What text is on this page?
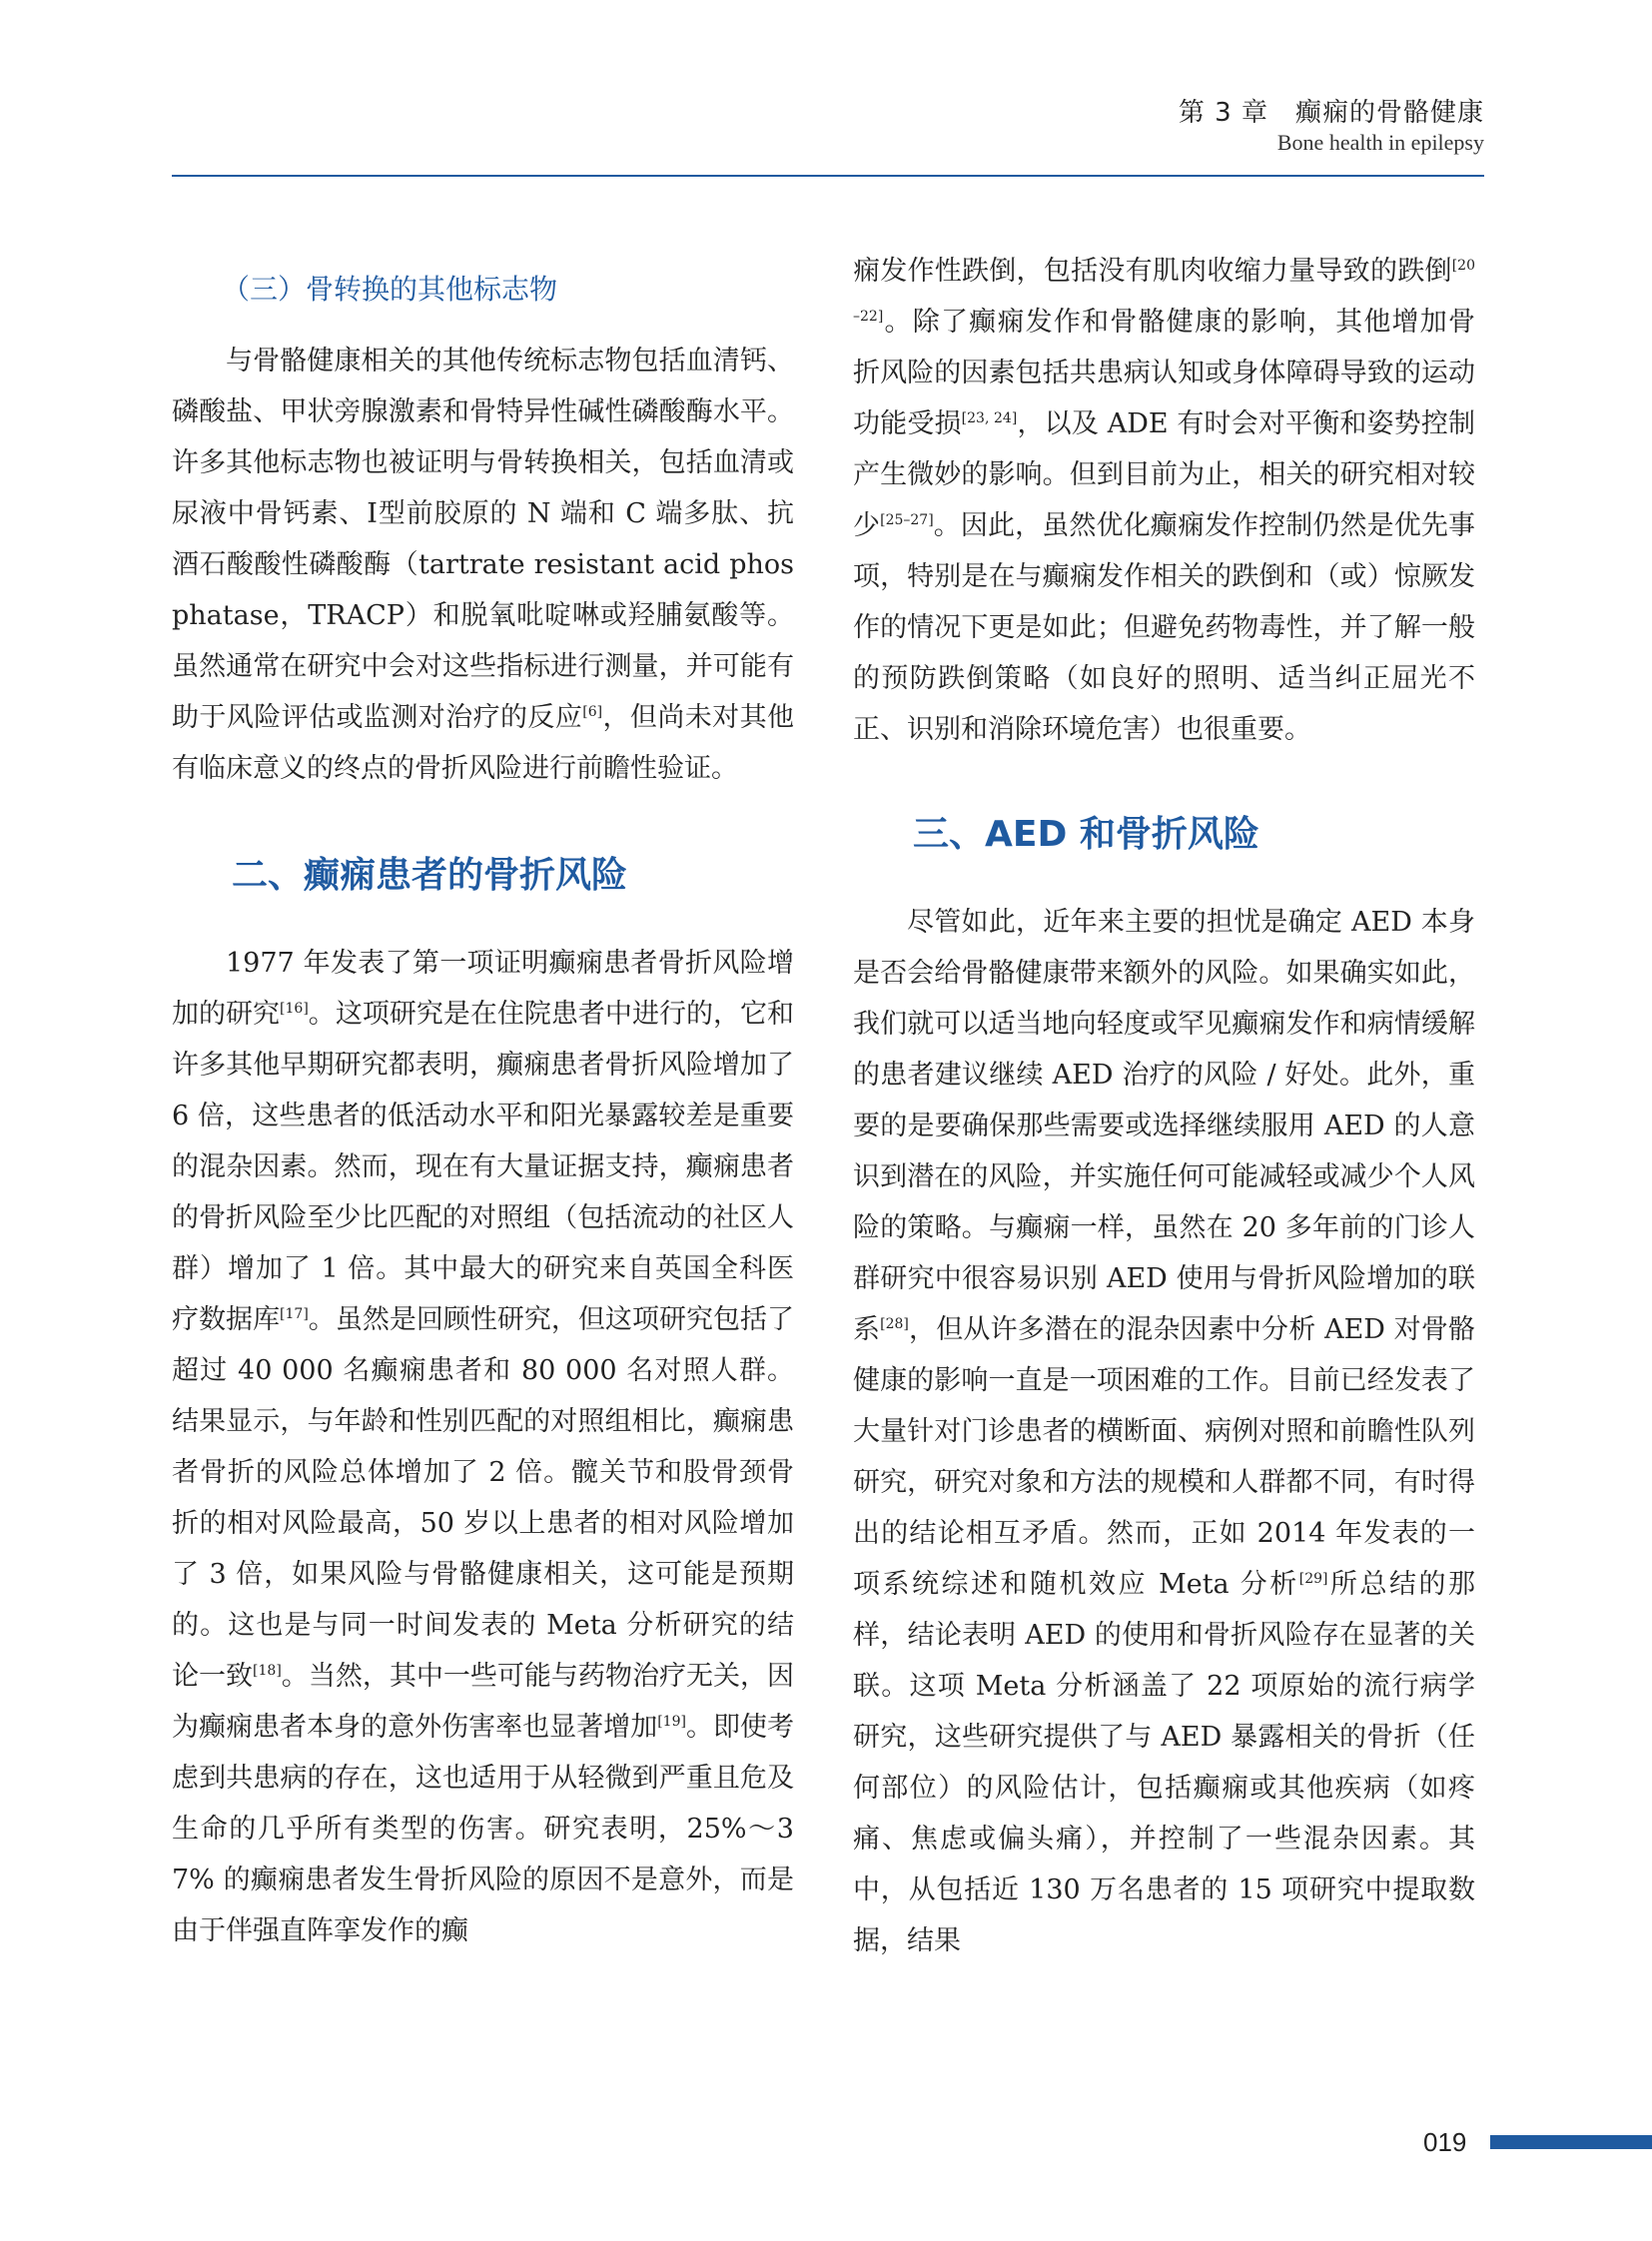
第 3 章　癫痫的骨骼健康
Bone health in epilepsy
（三）骨转换的其他标志物

与骨骼健康相关的其他传统标志物包括血清钙、磷酸盐、甲状旁腺激素和骨特异性碱性磷酸酶水平。许多其他标志物也被证明与骨转换相关，包括血清或尿液中骨钙素、Ⅰ型前胶原的 N 端和 C 端多肽、抗酒石酸酸性磷酸酶（tartrate resistant acid phosphatase，TRACP）和脱氧吡啶啉或羟脯氨酸等。虽然通常在研究中会对这些指标进行测量，并可能有助于风险评估或监测对治疗的反应[6]，但尚未对其他有临床意义的终点的骨折风险进行前瞻性验证。

二、癫痫患者的骨折风险

1977 年发表了第一项证明癫痫患者骨折风险增加的研究[16]。这项研究是在住院患者中进行的，它和许多其他早期研究都表明，癫痫患者骨折风险增加了 6 倍，这些患者的低活动水平和阳光暴露较差是重要的混杂因素。然而，现在有大量证据支持，癫痫患者的骨折风险至少比匹配的对照组（包括流动的社区人群）增加了 1 倍。其中最大的研究来自英国全科医疗数据库[17]。虽然是回顾性研究，但这项研究包括了超过 40 000 名癫痫患者和 80 000 名对照人群。结果显示，与年龄和性别匹配的对照组相比，癫痫患者骨折的风险总体增加了 2 倍。髋关节和股骨颈骨折的相对风险最高，50 岁以上患者的相对风险增加了 3 倍，如果风险与骨骼健康相关，这可能是预期的。这也是与同一时间发表的 Meta 分析研究的结论一致[18]。当然，其中一些可能与药物治疗无关，因为癫痫患者本身的意外伤害率也显著增加[19]。即使考虑到共患病的存在，这也适用于从轻微到严重且危及生命的几乎所有类型的伤害。研究表明，25%～37% 的癫痫患者发生骨折风险的原因不是意外，而是由于伴强直阵挛发作的癫

痫发作性跌倒，包括没有肌肉收缩力量导致的跌倒[20–22]。除了癫痫发作和骨骼健康的影响，其他增加骨折风险的因素包括共患病认知或身体障碍导致的运动功能受损[23, 24]，以及 ADE 有时会对平衡和姿势控制产生微妙的影响。但到目前为止，相关的研究相对较少[25–27]。因此，虽然优化癫痫发作控制仍然是优先事项，特别是在与癫痫发作相关的跌倒和（或）惊厥发作的情况下更是如此；但避免药物毒性，并了解一般的预防跌倒策略（如良好的照明、适当纠正屈光不正、识别和消除环境危害）也很重要。

三、AED 和骨折风险

尽管如此，近年来主要的担忧是确定 AED 本身是否会给骨骼健康带来额外的风险。如果确实如此，我们就可以适当地向轻度或罕见癫痫发作和病情缓解的患者建议继续 AED 治疗的风险 / 好处。此外，重要的是要确保那些需要或选择继续服用 AED 的人意识到潜在的风险，并实施任何可能减轻或减少个人风险的策略。与癫痫一样，虽然在 20 多年前的门诊人群研究中很容易识别 AED 使用与骨折风险增加的联系[28]，但从许多潜在的混杂因素中分析 AED 对骨骼健康的影响一直是一项困难的工作。目前已经发表了大量针对门诊患者的横断面、病例对照和前瞻性队列研究，研究对象和方法的规模和人群都不同，有时得出的结论相互矛盾。然而，正如 2014 年发表的一项系统综述和随机效应 Meta 分析[29]所总结的那样，结论表明 AED 的使用和骨折风险存在显著的关联。这项 Meta 分析涵盖了 22 项原始的流行病学研究，这些研究提供了与 AED 暴露相关的骨折（任何部位）的风险估计，包括癫痫或其他疾病（如疼痛、焦虑或偏头痛），并控制了一些混杂因素。其中，从包括近 130 万名患者的 15 项研究中提取数据，结果

019
